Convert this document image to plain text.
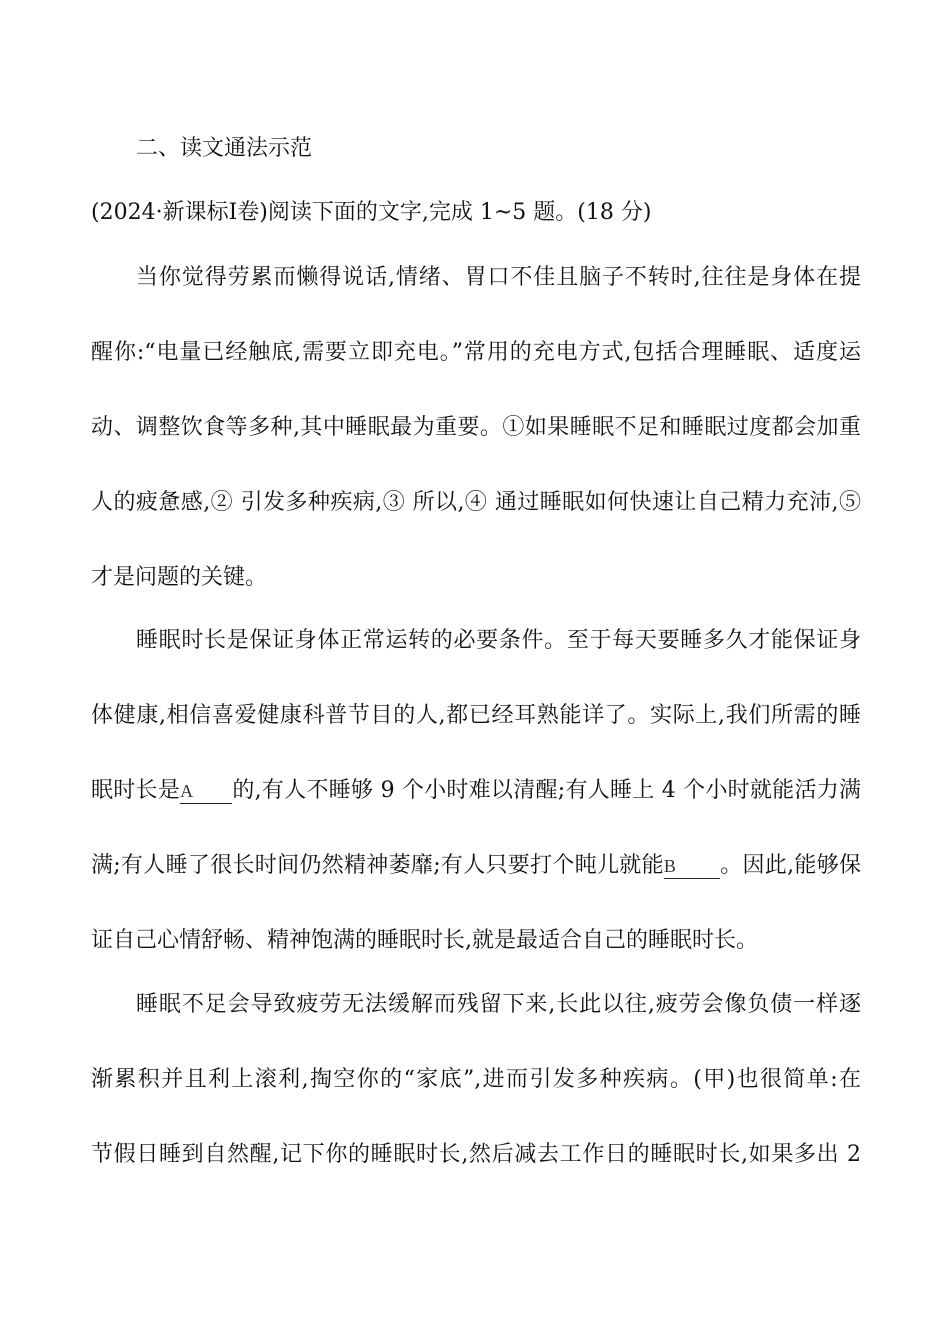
二、读文通法示范
(2024·新课标Ⅰ卷)阅读下面的文字,完成 1~5 题。(18 分)
当你觉得劳累而懒得说话,情绪、胃口不佳且脑子不转时,往往是身体在提
醒你:“电量已经触底,需要立即充电。”常用的充电方式,包括合理睡眠、适度运
动、调整饮食等多种,其中睡眠最为重要。①如果睡眠不足和睡眠过度都会加重
人的疲惫感,② 引发多种疾病,③ 所以,④ 通过睡眠如何快速让自己精力充沛,⑤
才是问题的关键。
睡眠时长是保证身体正常运转的必要条件。至于每天要睡多久才能保证身
体健康,相信喜爱健康科普节目的人,都已经耳熟能详了。实际上,我们所需的睡
眠时长是A 的,有人不睡够 9 个小时难以清醒;有人睡上 4 个小时就能活力满
满;有人睡了很长时间仍然精神萎靡;有人只要打个盹儿就能B 。因此,能够保
证自己心情舒畅、精神饱满的睡眠时长,就是最适合自己的睡眠时长。
睡眠不足会导致疲劳无法缓解而残留下来,长此以往,疲劳会像负债一样逐
渐累积并且利上滚利,掏空你的“家底”,进而引发多种疾病。(甲)也很简单:在
节假日睡到自然醒,记下你的睡眠时长,然后减去工作日的睡眠时长,如果多出 2
